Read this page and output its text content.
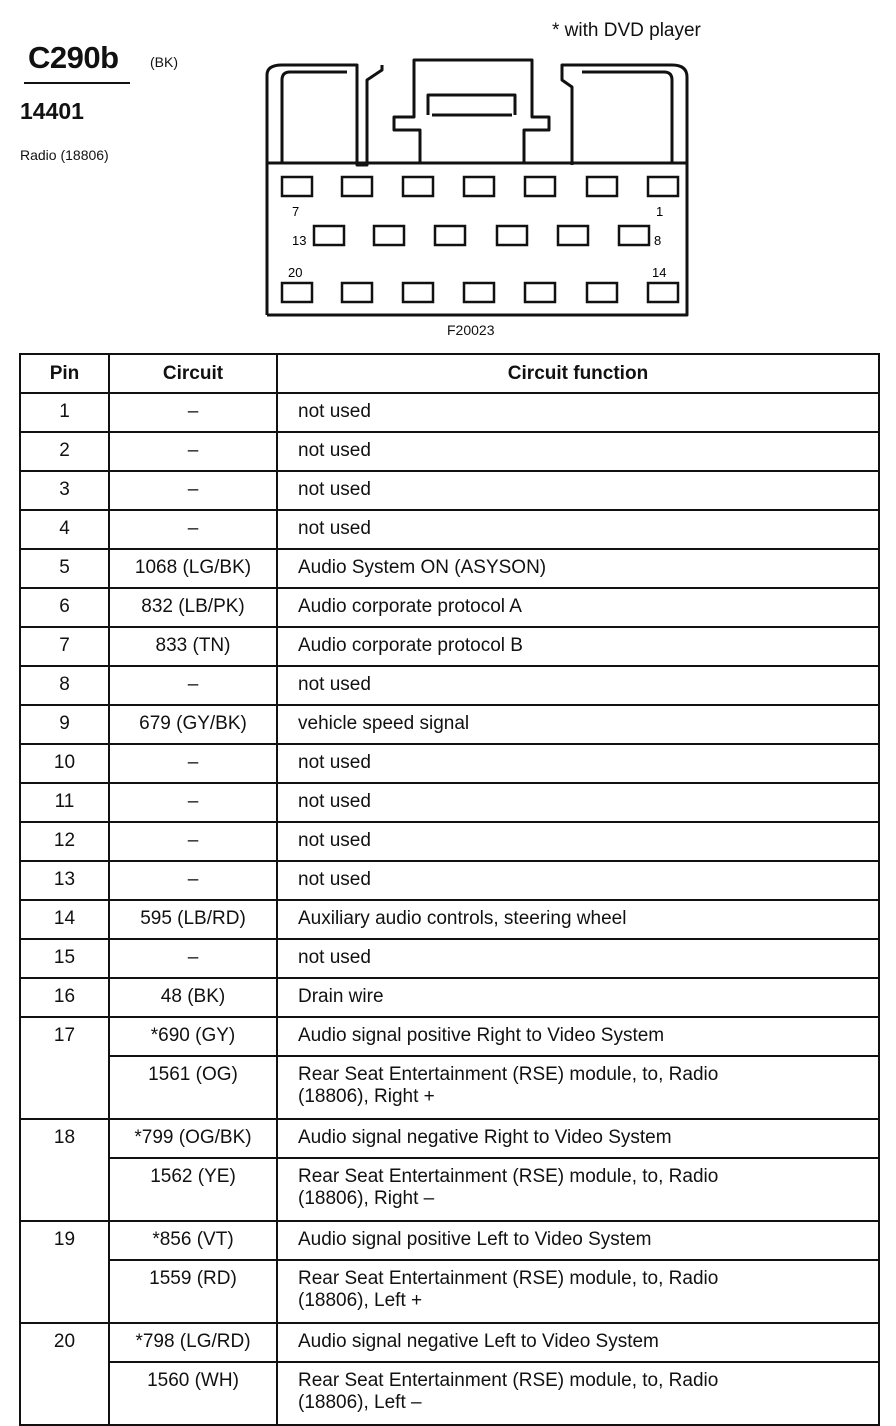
C290b (BK)
14401
Radio (18806)
* with DVD player
7	1
13	8
20	14
F20023
Pin	Circuit	Circuit function
1	–	not used
2	–	not used
3	–	not used
4	–	not used
5	1068 (LG/BK)	Audio System ON (ASYSON)
6	832 (LB/PK)	Audio corporate protocol A
7	833 (TN)	Audio corporate protocol B
8	–	not used
9	679 (GY/BK)	vehicle speed signal
10	–	not used
11	–	not used
12	–	not used
13	–	not used
14	595 (LB/RD)	Auxiliary audio controls, steering wheel
15	–	not used
16	48 (BK)	Drain wire
17	*690 (GY)	Audio signal positive Right to Video System
	1561 (OG)	Rear Seat Entertainment (RSE) module, to, Radio
(18806), Right +

18	*799 (OG/BK)	Audio signal negative Right to Video System
	1562 (YE)	Rear Seat Entertainment (RSE) module, to, Radio
(18806), Right –

19	*856 (VT)	Audio signal positive Left to Video System
	1559 (RD)	Rear Seat Entertainment (RSE) module, to, Radio
(18806), Left +

20	*798 (LG/RD)	Audio signal negative Left to Video System
	1560 (WH)	Rear Seat Entertainment (RSE) module, to, Radio
(18806), Left –
